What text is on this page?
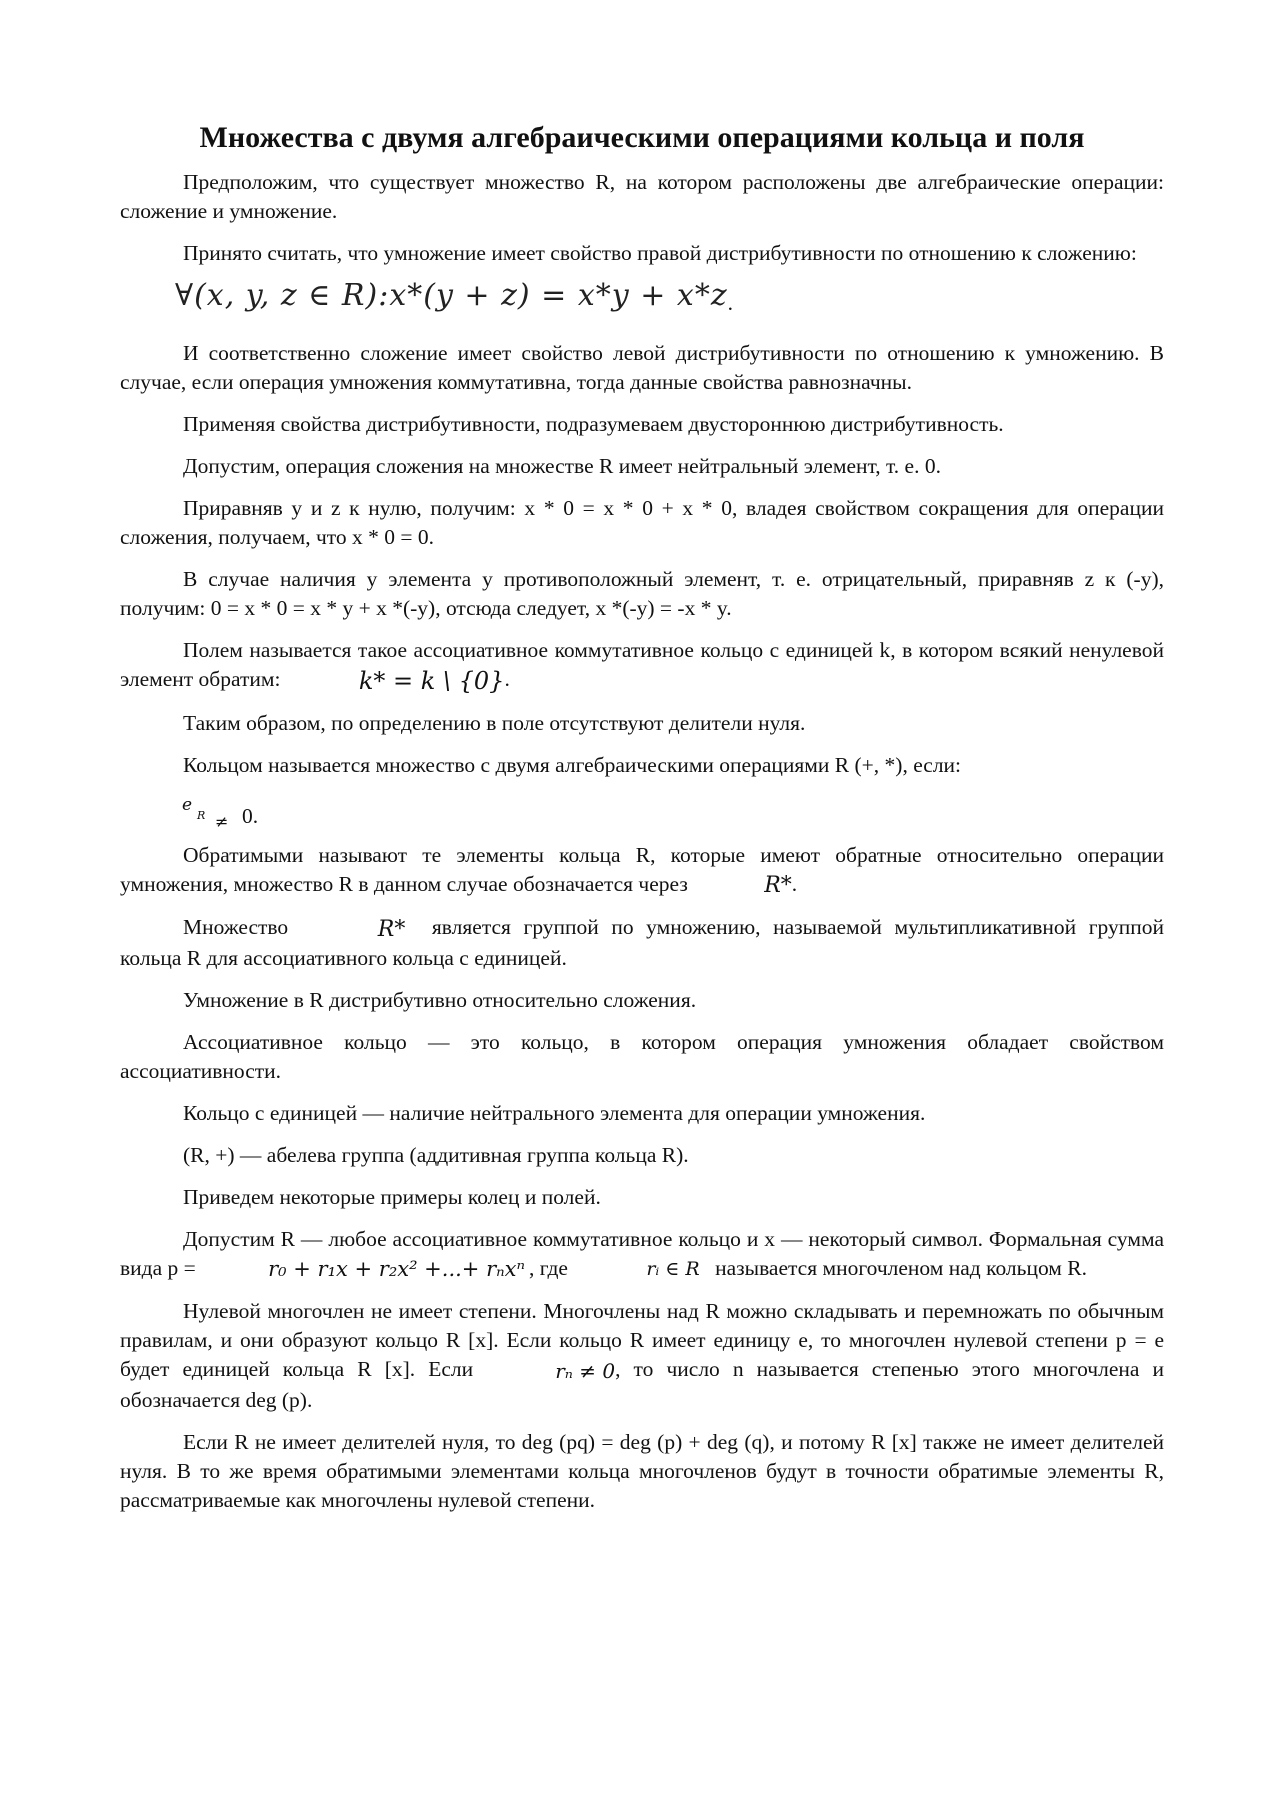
Множества с двумя алгебраическими операциями кольца и поля

Предположим, что существует множество R, на котором расположены две алгебраические операции: сложение и умножение.

Принято считать, что умножение имеет свойство правой дистрибутивности по отношению к сложению:

∀(x, y, z ∈ R):x*(y + z) = x*y + x*z.

И соответственно сложение имеет свойство левой дистрибутивности по отношению к умножению. В случае, если операция умножения коммутативна, тогда данные свойства равнозначны.

Применяя свойства дистрибутивности, подразумеваем двустороннюю дистрибутивность.

Допустим, операция сложения на множестве R имеет нейтральный элемент, т. е. 0.

Приравняв y и z к нулю, получим: x * 0 = x * 0 + x * 0, владея свойством сокращения для операции сложения, получаем, что x * 0 = 0.

В случае наличия у элемента y противоположный элемент, т. е. отрицательный, приравняв z к (-y), получим: 0 = x * 0 = x * y + x *(-y), отсюда следует, x *(-y) = -x * y.

Полем называется такое ассоциативное коммутативное кольцо с единицей k, в котором всякий ненулевой элемент обратим:	k* = k \ {0}.

Таким образом, по определению в поле отсутствуют делители нуля.

Кольцом называется множество с двумя алгебраическими операциями R (+, *), если:

e
R ≠ 0.

Обратимыми называют те элементы кольца R, которые имеют обратные относительно операции умножения, множество R в данном случае обозначается через	R*.

Множество	R* является группой по умножению, называемой мультипликативной группой кольца R для ассоциативного кольца с единицей.

Умножение в R дистрибутивно относительно сложения.

Ассоциативное кольцо — это кольцо, в котором операция умножения обладает свойством ассоциативности.

Кольцо с единицей — наличие нейтрального элемента для операции умножения.

(R, +) — абелева группа (аддитивная группа кольца R).

Приведем некоторые примеры колец и полей.

Допустим R — любое ассоциативное коммутативное кольцо и x — некоторый символ. Формальная сумма вида p =	r₀ + r₁x + r₂x² +...+ rₙxⁿ , где	rᵢ ∈ R называется многочленом над кольцом R.

Нулевой многочлен не имеет степени. Многочлены над R можно складывать и перемножать по обычным правилам, и они образуют кольцо R [x]. Если кольцо R имеет единицу e, то многочлен нулевой степени p = e будет единицей кольца R [x]. Если	rₙ ≠ 0, то число n называется степенью этого многочлена и обозначается deg (p).

Если R не имеет делителей нуля, то deg (pq) = deg (p) + deg (q), и потому R [x] также не имеет делителей нуля. В то же время обратимыми элементами кольца многочленов будут в точности обратимые элементы R, рассматриваемые как многочлены нулевой степени.
